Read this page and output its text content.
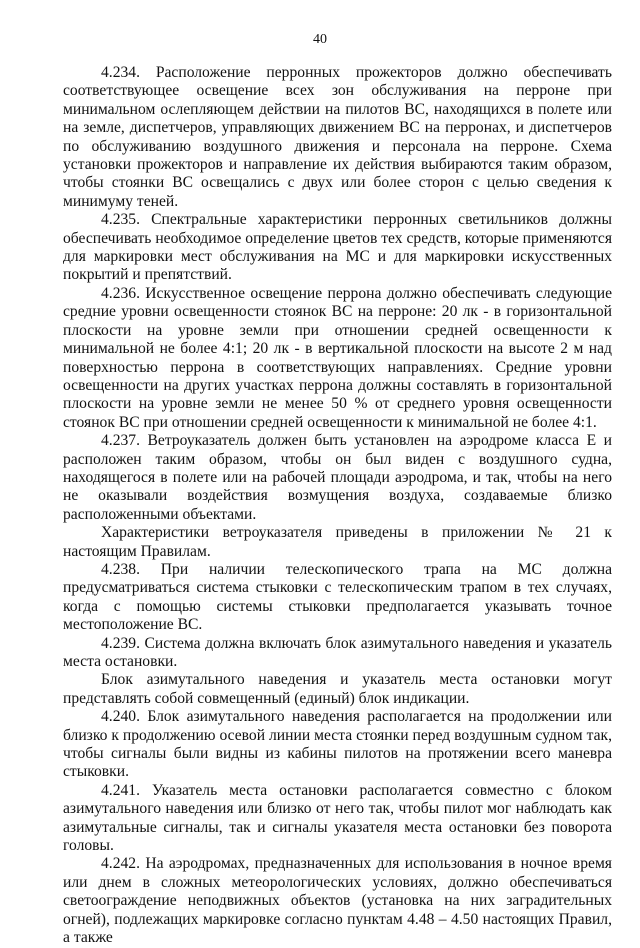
40

4.234. Расположение перронных прожекторов должно обеспечивать соответствующее освещение всех зон обслуживания на перроне при минимальном ослепляющем действии на пилотов ВС, находящихся в полете или на земле, диспетчеров, управляющих движением ВС на перронах, и диспетчеров по обслуживанию воздушного движения и персонала на перроне. Схема установки прожекторов и направление их действия выбираются таким образом, чтобы стоянки ВС освещались с двух или более сторон с целью сведения к минимуму теней.

4.235. Спектральные характеристики перронных светильников должны обеспечивать необходимое определение цветов тех средств, которые применяются для маркировки мест обслуживания на МС и для маркировки искусственных покрытий и препятствий.

4.236. Искусственное освещение перрона должно обеспечивать следующие средние уровни освещенности стоянок ВС на перроне: 20 лк - в горизонтальной плоскости на уровне земли при отношении средней освещенности к минимальной не более 4:1; 20 лк - в вертикальной плоскости на высоте 2 м над поверхностью перрона в соответствующих направлениях. Средние уровни освещенности на других участках перрона должны составлять в горизонтальной плоскости на уровне земли не менее 50 % от среднего уровня освещенности стоянок ВС при отношении средней освещенности к минимальной не более 4:1.

4.237. Ветроуказатель должен быть установлен на аэродроме класса Е и расположен таким образом, чтобы он был виден с воздушного судна, находящегося в полете или на рабочей площади аэродрома, и так, чтобы на него не оказывали воздействия возмущения воздуха, создаваемые близко расположенными объектами.

Характеристики ветроуказателя приведены в приложении № 21 к настоящим Правилам.

4.238. При наличии телескопического трапа на МС должна предусматриваться система стыковки с телескопическим трапом в тех случаях, когда с помощью системы стыковки предполагается указывать точное местоположение ВС.

4.239. Система должна включать блок азимутального наведения и указатель места остановки.

Блок азимутального наведения и указатель места остановки могут представлять собой совмещенный (единый) блок индикации.

4.240. Блок азимутального наведения располагается на продолжении или близко к продолжению осевой линии места стоянки перед воздушным судном так, чтобы сигналы были видны из кабины пилотов на протяжении всего маневра стыковки.

4.241. Указатель места остановки располагается совместно с блоком азимутального наведения или близко от него так, чтобы пилот мог наблюдать как азимутальные сигналы, так и сигналы указателя места остановки без поворота головы.

4.242. На аэродромах, предназначенных для использования в ночное время или днем в сложных метеорологических условиях, должно обеспечиваться светоограждение неподвижных объектов (установка на них заградительных огней), подлежащих маркировке согласно пунктам 4.48 – 4.50 настоящих Правил, а также
